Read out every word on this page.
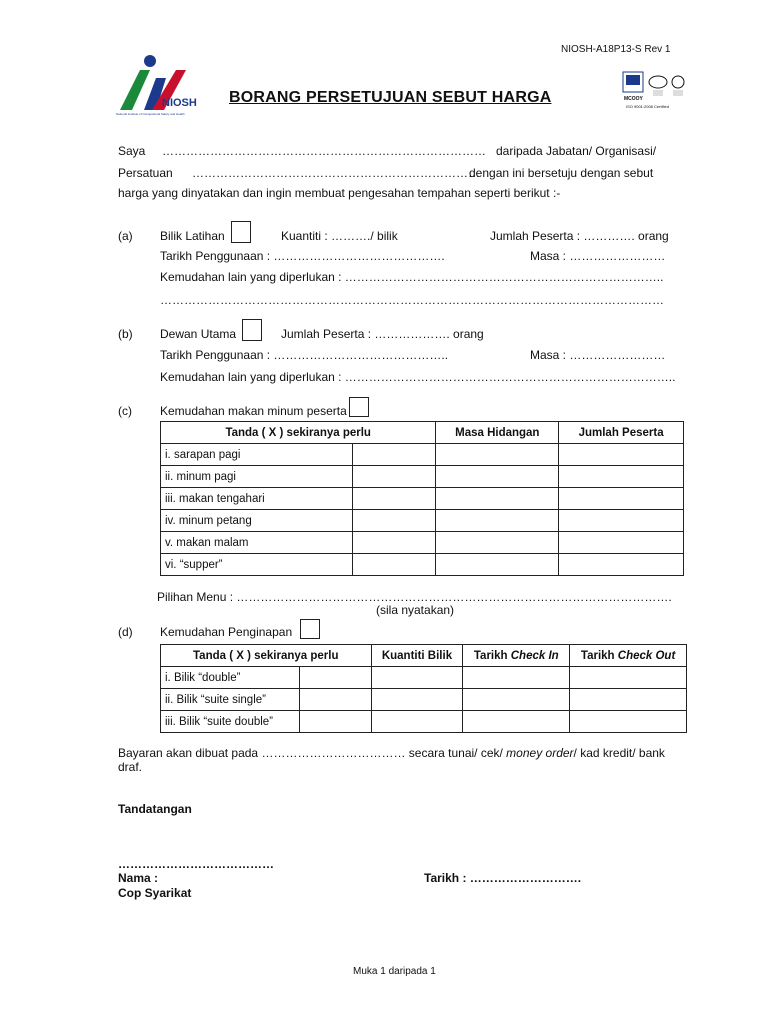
NIOSH-A18P13-S Rev 1
NIOSH
National Institute of Occupational Safety and Health
BORANG PERSETUJUAN SEBUT HARGA	MCOOY
ISO 9001:2008 Certified
Saya ……………………………………………………………………… daripada Jabatan/ Organisasi/
Persatuan ………………………………………………………………
dengan ini bersetuju dengan sebut
harga yang dinyatakan dan ingin membuat pengesahan tempahan seperti berikut :-
(a) Bilik Latihan	Kuantiti : ………./ bilik	Jumlah Peserta : …………. orang
Tarikh Penggunaan : …………………………………….	Masa : ……………………
Kemudahan lain yang diperlukan : ……………………………………………………………………..
………………………………………………………………………………………………………………
(b) Dewan Utama	Jumlah Peserta : ………………. orang
Tarikh Penggunaan : ……………………………………..	Masa : ……………………
Kemudahan lain yang diperlukan : ………………………………………………………………………..
(c) Kemudahan makan minum peserta
Tanda ( X ) sekiranya perlu		Masa Hidangan	Jumlah Peserta
i. sarapan pagi			
ii. minum pagi			
iii. makan tengahari			
iv. minum petang			
v. makan malam			
vi. “supper”			
Pilihan Menu : ……………………………………………………………………………………………….
(sila nyatakan)
(d) Kemudahan Penginapan
Tanda ( X ) sekiranya perlu		Kuantiti Bilik	Tarikh Check In	Tarikh Check Out
i. Bilik “double”				
ii. Bilik “suite single”				
iii. Bilik “suite double”				
Bayaran akan dibuat pada ……………………………… secara tunai/ cek/ money order/ kad kredit/ bank
draf.
Tandatangan
…………………………………
Nama :	Tarikh : ……………………….
Cop Syarikat
Muka 1 daripada 1
